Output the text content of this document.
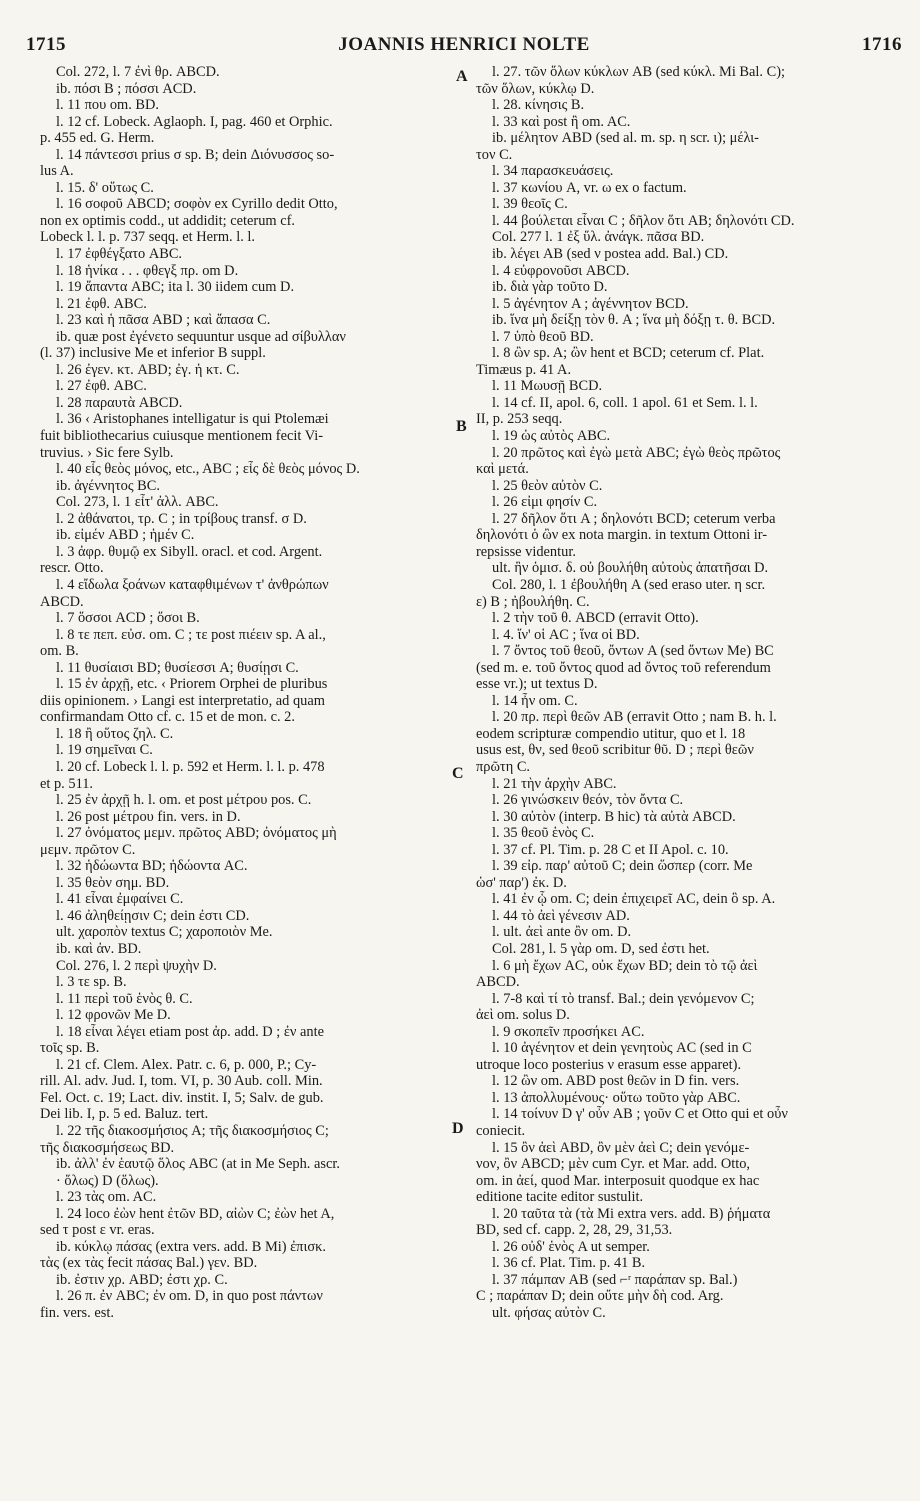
1715	JOANNIS HENRICI NOLTE	1716
A
B
C
D
Col. 272, l. 7 ἐνὶ θρ. ABCD.
ib. πόσι B ; πόσσι ACD.
l. 11 που om. BD.
l. 12 cf. Lobeck. Aglaoph. I, pag. 460 et Orphic.
p. 455 ed. G. Herm.
l. 14 πάντεσσι prius σ sp. B; dein Διόνυσσος so-
lus A.
l. 15. δ' οὕτως C.
l. 16 σοφοῦ ABCD; σοφὸν ex Cyrillo dedit Otto,
non ex optimis codd., ut addidit; ceterum cf.
Lobeck l. l. p. 737 seqq. et Herm. l. l.
l. 17 ἐφθέγξατο ABC.
l. 18 ἡνίκα . . . φθεγξ πρ. om D.
l. 19 ἅπαντα ABC; ita l. 30 iidem cum D.
l. 21 ἐφθ. ABC.
l. 23 καὶ ἡ πᾶσα ABD ; καὶ ἅπασα C.
ib. quæ post ἐγένετο sequuntur usque ad σίβυλλαν
(l. 37) inclusive Me et inferior B suppl.
l. 26 ἐγεν. κτ. ABD; ἐγ. ἡ κτ. C.
l. 27 ἐφθ. ABC.
l. 28 παραυτὰ ABCD.
l. 36 ‹ Aristophanes intelligatur is qui Ptolemæi
fuit bibliothecarius cuiusque mentionem fecit Vi-
truvius. › Sic fere Sylb.
l. 40 εἷς θεὸς μόνος, etc., ABC ; εἷς δὲ θεὸς μόνος D.
ib. ἀγέννητος BC.
Col. 273, l. 1 εἶτ' ἀλλ. ABC.
l. 2 ἀθάνατοι, τρ. C ; in τρίβους transf. σ D.
ib. εἰμέν ABD ; ἡμέν C.
l. 3 ἀφρ. θυμῷ ex Sibyll. oracl. et cod. Argent.
rescr. Otto.
l. 4 εἴδωλα ξοάνων καταφθιμένων τ' ἀνθρώπων
ABCD.
l. 7 ὅσσοι ACD ; ὅσοι B.
l. 8 τε πεπ. εὐσ. om. C ; τε post πιέειν sp. A al.,
om. B.
l. 11 θυσίαισι BD; θυσίεσσι A; θυσίῃσι C.
l. 15 ἐν ἀρχῇ, etc. ‹ Priorem Orphei de pluribus
diis opinionem. › Langi est interpretatio, ad quam
confirmandam Otto cf. c. 15 et de mon. c. 2.
l. 18 ἢ οὕτος ζηλ. C.
l. 19 σημεῖναι C.
l. 20 cf. Lobeck l. l. p. 592 et Herm. l. l. p. 478
et p. 511.
l. 25 ἐν ἀρχῇ h. l. om. et post μέτρου pos. C.
l. 26 post μέτρου fin. vers. in D.
l. 27 ὀνόματος μεμν. πρῶτος ABD; ὀνόματος μὴ
μεμν. πρῶτον C.
l. 32 ἡδώωντα BD; ἡδώοντα AC.
l. 35 θεὸν σημ. BD.
l. 41 εἶναι ἐμφαίνει C.
l. 46 ἀληθείῃσιν C; dein ἐστι CD.
ult. χαροπὸν textus C; χαροποιὸν Me.
ib. καὶ ἀν. BD.
Col. 276, l. 2 περὶ ψυχὴν D.
l. 3 τε sp. B.
l. 11 περὶ τοῦ ἑνὸς θ. C.
l. 12 φρονῶν Me D.
l. 18 εἶναι λέγει etiam post ἀρ. add. D ; ἐν ante
τοῖς sp. B.
l. 21 cf. Clem. Alex. Patr. c. 6, p. 000, P.; Cy-
rill. Al. adv. Jud. I, tom. VI, p. 30 Aub. coll. Min.
Fel. Oct. c. 19; Lact. div. instit. I, 5; Salv. de gub.
Dei lib. I, p. 5 ed. Baluz. tert.
l. 22 τῆς διακοσμήσιος A; τῆς διακοσμήσιος C;
τῆς διακοσμήσεως BD.
ib. ἀλλ' ἐν ἑαυτῷ ὅλος ABC (at in Me Seph. ascr.
· ὅλως) D (ὅλως).
l. 23 τὰς om. AC.
l. 24 loco ἐὼν hent ἐτῶν BD, αἰὼν C; ἐὼν het A,
sed τ post ε vr. eras.
ib. κύκλῳ πάσας (extra vers. add. B Mi) ἐπισκ.
τὰς (ex τὰς fecit πάσας Bal.) γεν. BD.
ib. ἐστιν χρ. ABD; ἐστι χρ. C.
l. 26 π. ἐν ABC; ἐν om. D, in quo post πάντων
fin. vers. est.
l. 27. τῶν ὅλων κύκλων AB (sed κύκλ. Mi Bal. C);
τῶν ὅλων, κύκλῳ D.
l. 28. κίνησις B.
l. 33 καὶ post ἢ om. AC.
ib. μέλητον ABD (sed al. m. sp. η scr. ι); μέλι-
τον C.
l. 34 παρασκευάσεις.
l. 37 κωνίου A, vr. ω ex o factum.
l. 39 θεοῖς C.
l. 44 βούλεται εἶναι C ; δῆλον ὅτι AB; δηλονότι CD.
Col. 277 l. 1 ἐξ ὕλ. ἀνάγκ. πᾶσα BD.
ib. λέγει AB (sed ν postea add. Bal.) CD.
l. 4 εὐφρονοῦσι ABCD.
ib. διὰ γὰρ τοῦτο D.
l. 5 ἀγένητον A ; ἀγέννητον BCD.
ib. ἵνα μὴ δείξῃ τὸν θ. A ; ἵνα μὴ δόξῃ τ. θ. BCD.
l. 7 ὑπὸ θεοῦ BD.
l. 8 ὢν sp. A; ὢν hent et BCD; ceterum cf. Plat.
Timæus p. 41 A.
l. 11 Μωυσῇ BCD.
l. 14 cf. II, apol. 6, coll. 1 apol. 61 et Sem. l. l.
II, p. 253 seqq.
l. 19 ὡς αὐτὸς ABC.
l. 20 πρῶτος καὶ ἐγὼ μετὰ ABC; ἐγὼ θεὸς πρῶτος
καὶ μετά.
l. 25 θεὸν αὐτὸν C.
l. 26 εἰμι φησίν C.
l. 27 δῆλον ὅτι A ; δηλονότι BCD; ceterum verba
δηλονότι ὁ ὢν ex nota margin. in textum Ottoni ir-
repsisse videntur.
ult. ἣν ὁμισ. δ. οὐ βουλήθη αὐτοὺς ἀπατῆσαι D.
Col. 280, l. 1 ἐβουλήθη A (sed eraso uter. η scr.
ε) B ; ἠβουλήθη. C.
l. 2 τὴν τοῦ θ. ABCD (erravit Otto).
l. 4. ἵν' οἱ AC ; ἵνα οἱ BD.
l. 7 ὄντος τοῦ θεοῦ, ὄντων A (sed ὄντων Me) BC
(sed m. e. τοῦ ὄντος quod ad ὄντος τοῦ referendum
esse vr.); ut textus D.
l. 14 ἦν om. C.
l. 20 πρ. περὶ θεῶν AB (erravit Otto ; nam B. h. l.
eodem scripturæ compendio utitur, quo et l. 18
usus est, θν, sed θεοῦ scribitur θῦ. D ; περὶ θεῶν
πρῶτη C.
l. 21 τὴν ἀρχὴν ABC.
l. 26 γινώσκειν θεόν, τὸν ὄντα C.
l. 30 αὐτὸν (interp. B hic) τὰ αὐτὰ ABCD.
l. 35 θεοῦ ἑνὸς C.
l. 37 cf. Pl. Tim. p. 28 C et II Apol. c. 10.
l. 39 εἰρ. παρ' αὐτοῦ C; dein ὥσπερ (corr. Me
ὡσ' παρ') ἐκ. D.
l. 41 ἐν ᾧ om. C; dein ἐπιχειρεῖ AC, dein ὃ sp. A.
l. 44 τὸ ἀεὶ γένεσιν AD.
l. ult. ἀεὶ ante ὂν om. D.
Col. 281, l. 5 γὰρ om. D, sed ἐστι het.
l. 6 μὴ ἔχων AC, οὐκ ἔχων BD; dein τὸ τῷ ἀεὶ
ABCD.
l. 7-8 καὶ τί τὸ transf. Bal.; dein γενόμενον C;
ἀεὶ om. solus D.
l. 9 σκοπεῖν προσήκει AC.
l. 10 ἀγένητον et dein γενητοὺς AC (sed in C
utroque loco posterius ν erasum esse apparet).
l. 12 ὢν om. ABD post θεῶν in D fin. vers.
l. 13 ἀπολλυμένους· οὕτω τοῦτο γὰρ ABC.
l. 14 τοίνυν D γ' οὖν AB ; γοῦν C et Otto qui et οὖν
coniecit.
l. 15 ὂν ἀεὶ ABD, ὂν μὲν ἀεὶ C; dein γενόμε-
νον, ὂν ABCD; μὲν cum Cyr. et Mar. add. Otto,
om. in ἀεί, quod Mar. interposuit quodque ex hac
editione tacite editor sustulit.
l. 20 ταῦτα τὰ (τὰ Mi extra vers. add. B) ῥήματα
BD, sed cf. capp. 2, 28, 29, 31,53.
l. 26 οὐδ' ἑνὸς A ut semper.
l. 36 cf. Plat. Tim. p. 41 B.
l. 37 πάμπαν AB (sed ⌐ʳ παράπαν sp. Bal.)
C ; παράπαν D; dein οὔτε μὴν δὴ cod. Arg.
ult. φήσας αὐτὸν C.
